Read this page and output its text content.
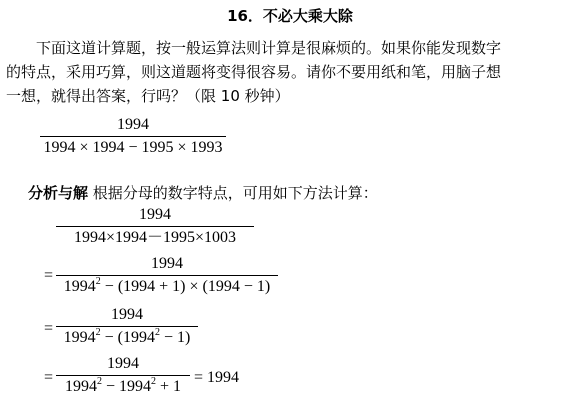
16．不必大乘大除
下面这道计算题，按一般运算法则计算是很麻烦的。如果你能发现数字
的特点，采用巧算，则这道题将变得很容易。请你不要用纸和笔，用脑子想
一想，就得出答案，行吗？（限 10 秒钟）
1994
1994 × 1994 − 1995 × 1993
分析与解 根据分母的数字特点，可用如下方法计算：
1994
1994×1994－1995×1003
=
1994
$1994^2 - (1994 + 1) \times (1994 - 1)$
=
1994
$1994^2 - (1994^2 - 1)$
=
1994
$1994^2 - 1994^2 + 1$
= 1994
